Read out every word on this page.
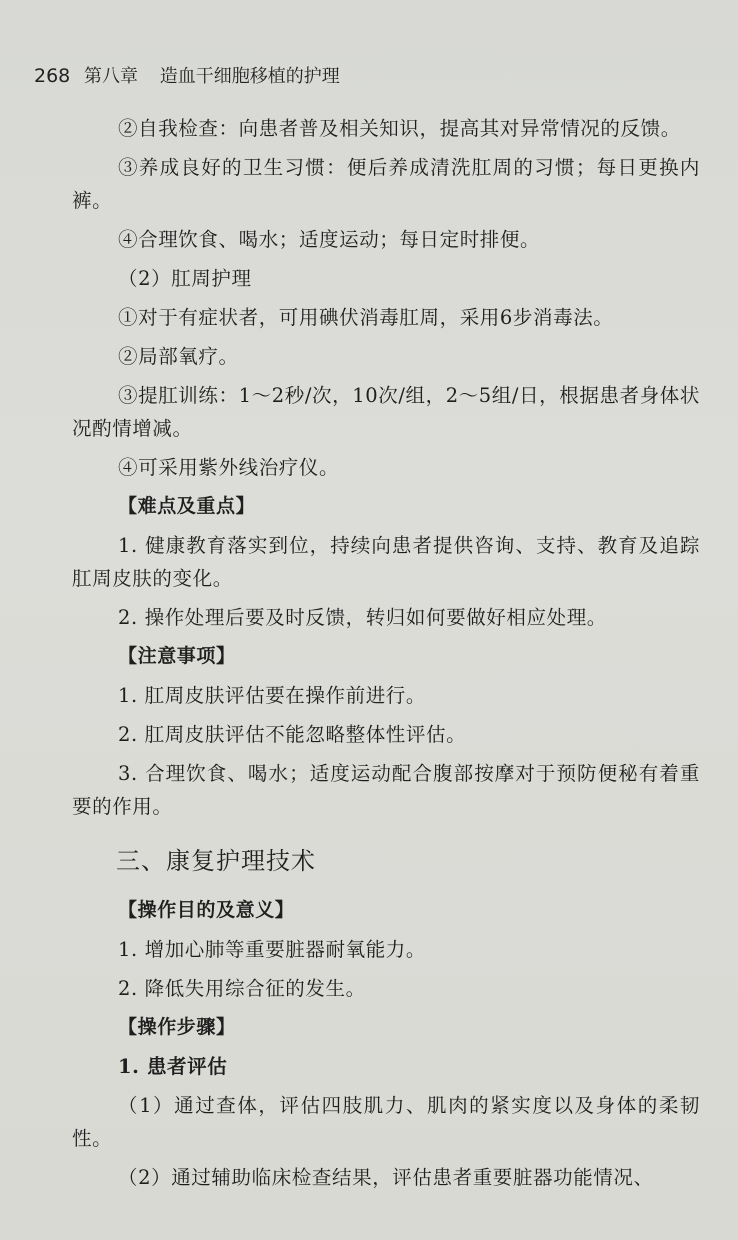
268 第八章 造血干细胞移植的护理

②自我检查：向患者普及相关知识，提高其对异常情况的反馈。

③养成良好的卫生习惯：便后养成清洗肛周的习惯；每日更换内裤。

④合理饮食、喝水；适度运动；每日定时排便。

（2）肛周护理

①对于有症状者，可用碘伏消毒肛周，采用6步消毒法。

②局部氧疗。

③提肛训练：1～2秒/次，10次/组，2～5组/日，根据患者身体状况酌情增减。

④可采用紫外线治疗仪。

【难点及重点】

1. 健康教育落实到位，持续向患者提供咨询、支持、教育及追踪肛周皮肤的变化。

2. 操作处理后要及时反馈，转归如何要做好相应处理。

【注意事项】

1. 肛周皮肤评估要在操作前进行。

2. 肛周皮肤评估不能忽略整体性评估。

3. 合理饮食、喝水；适度运动配合腹部按摩对于预防便秘有着重要的作用。

三、康复护理技术

【操作目的及意义】

1. 增加心肺等重要脏器耐氧能力。

2. 降低失用综合征的发生。

【操作步骤】

1. 患者评估

（1）通过查体，评估四肢肌力、肌肉的紧实度以及身体的柔韧性。

（2）通过辅助临床检查结果，评估患者重要脏器功能情况、
